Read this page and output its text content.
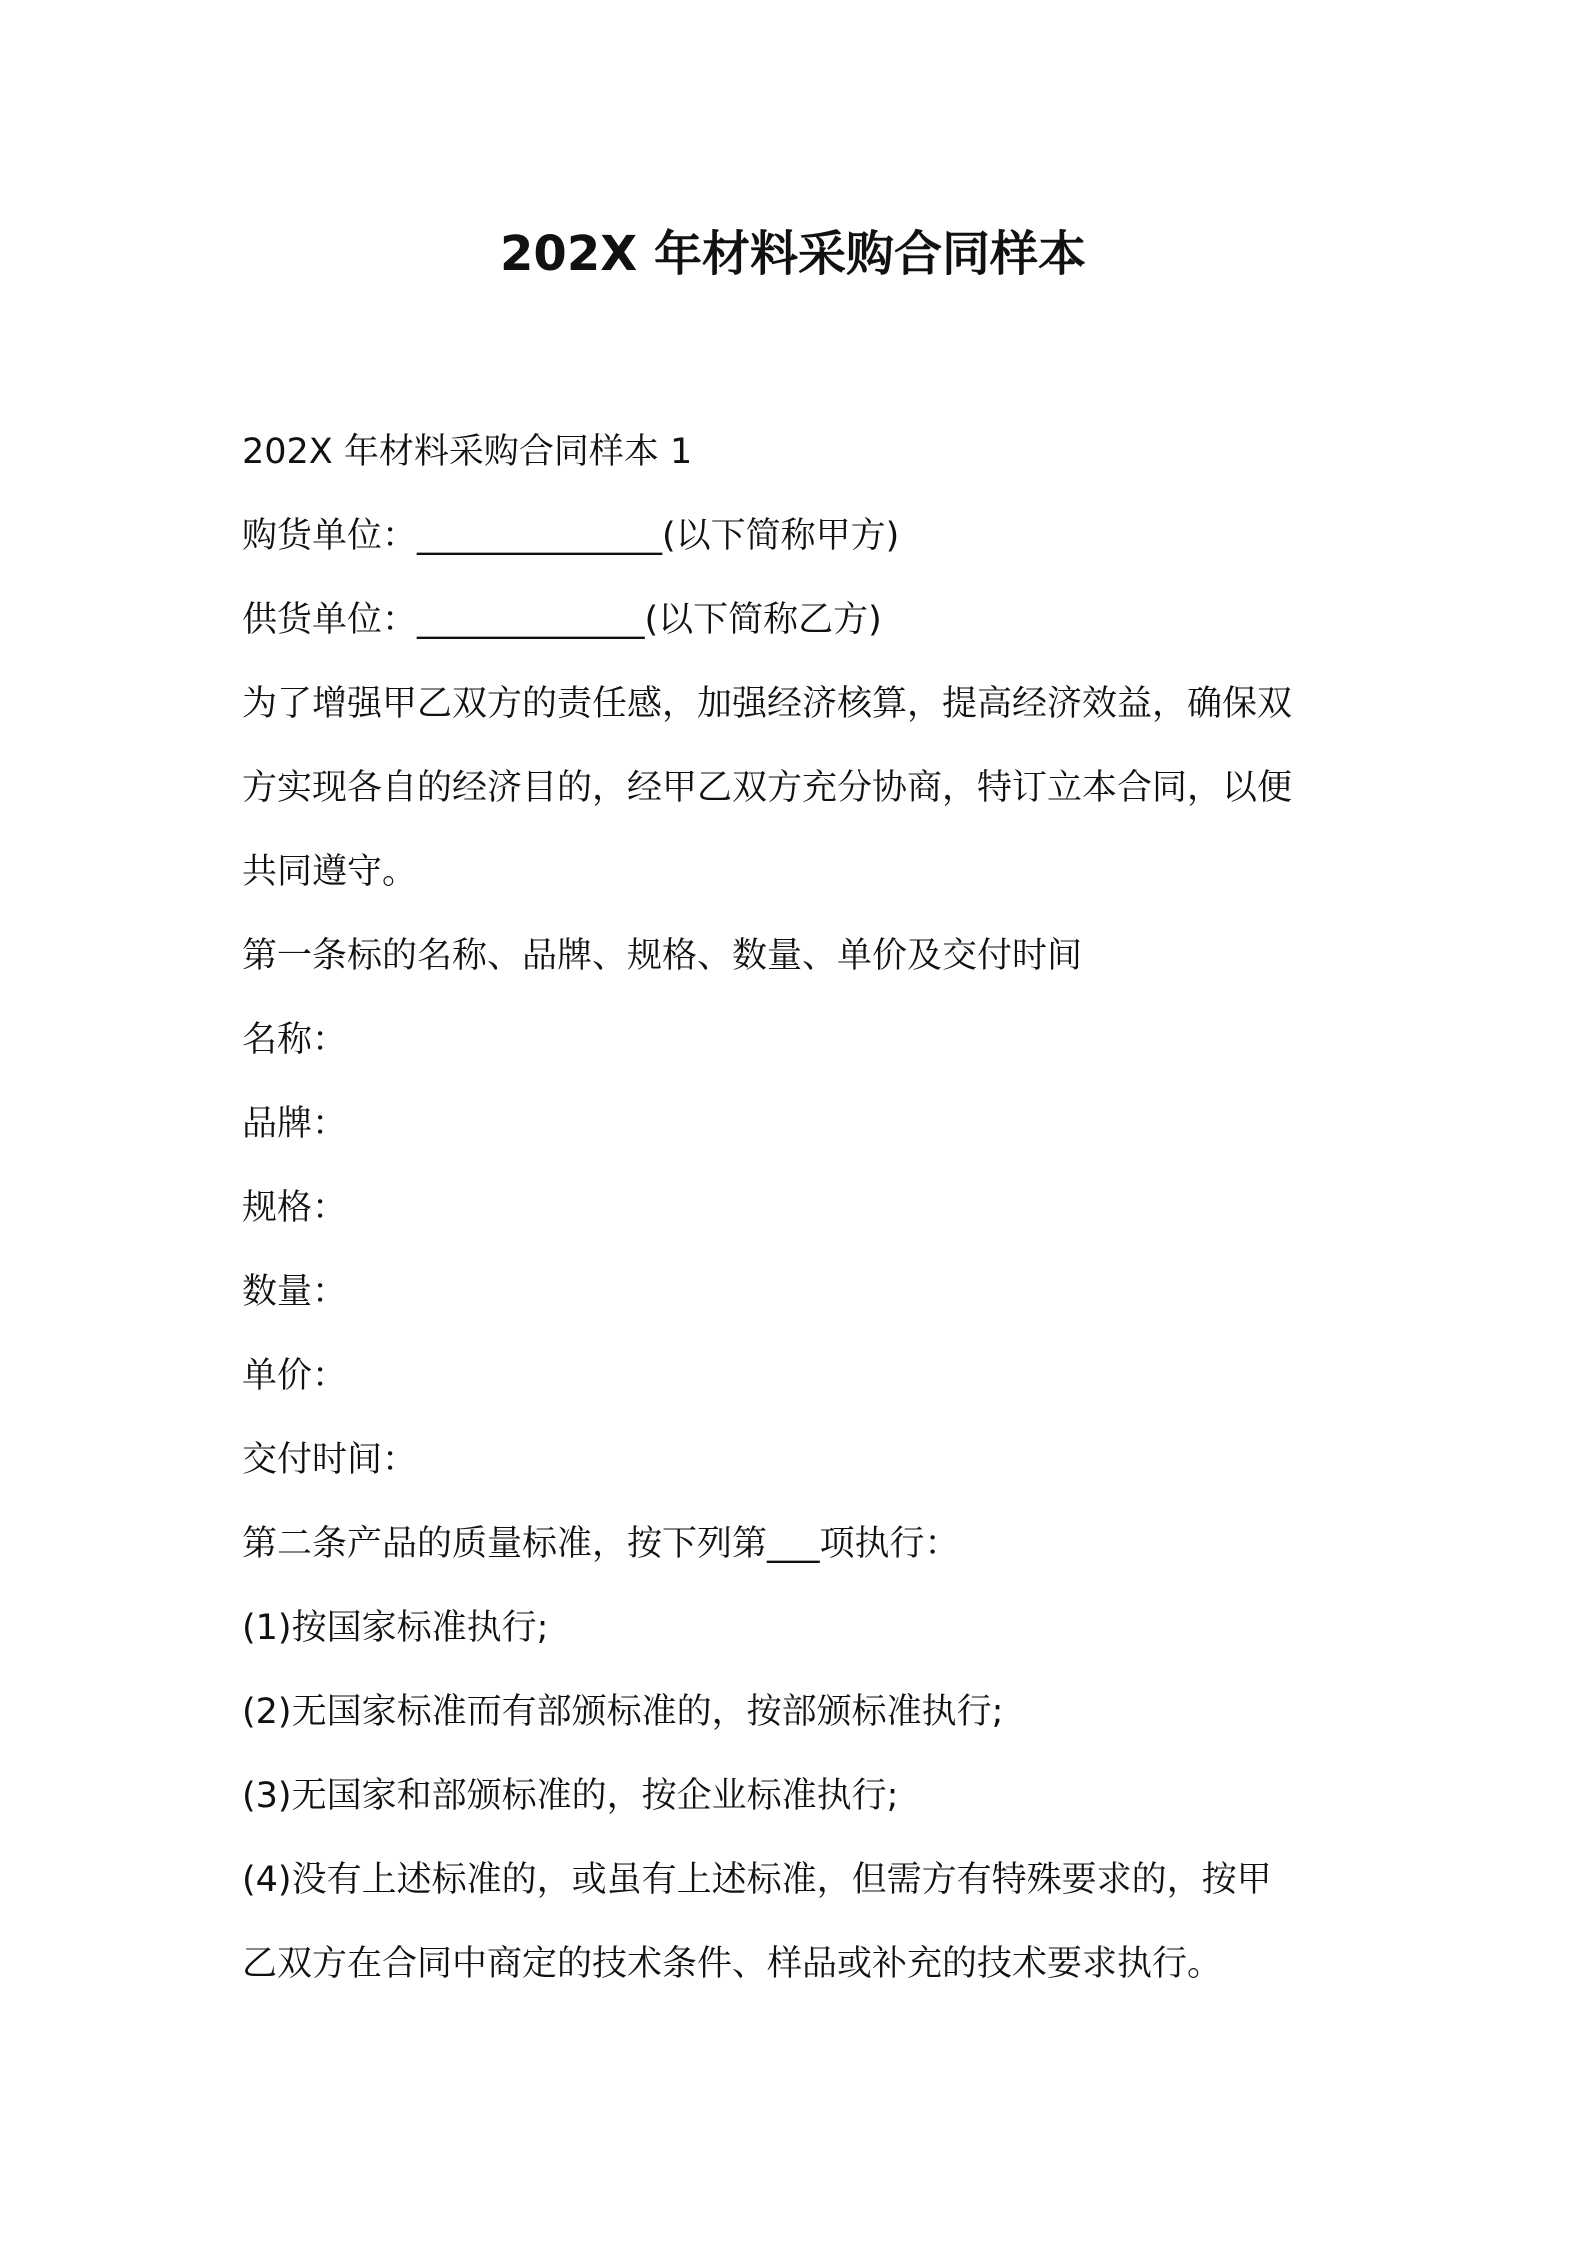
202X 年材料采购合同样本

202X 年材料采购合同样本 1

购货单位：______________(以下简称甲方)

供货单位：_____________(以下简称乙方)

为了增强甲乙双方的责任感，加强经济核算，提高经济效益，确保双

方实现各自的经济目的，经甲乙双方充分协商，特订立本合同，以便

共同遵守。

第一条标的名称、品牌、规格、数量、单价及交付时间

名称：

品牌：

规格：

数量：

单价：

交付时间：

第二条产品的质量标准，按下列第___项执行：

(1)按国家标准执行;

(2)无国家标准而有部颁标准的，按部颁标准执行;

(3)无国家和部颁标准的，按企业标准执行;

(4)没有上述标准的，或虽有上述标准，但需方有特殊要求的，按甲

乙双方在合同中商定的技术条件、样品或补充的技术要求执行。
